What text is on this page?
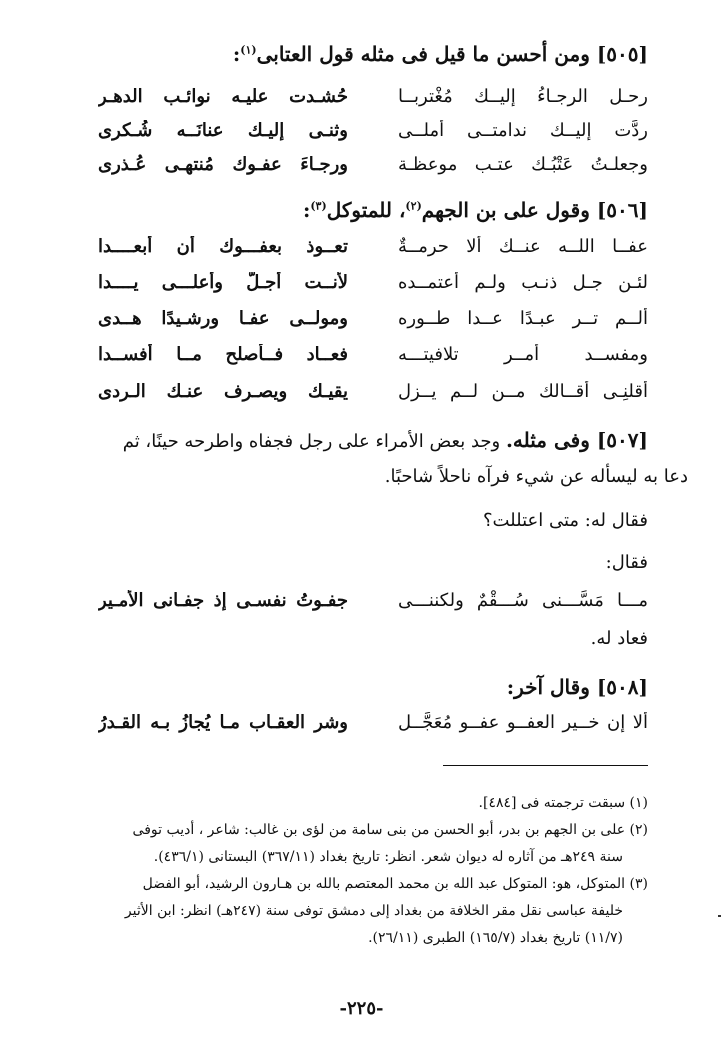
[٥٠٥] ومن أحسن ما قيل فى مثله قول العتابى$^{(١)}$:
رحـل الرجـاءُ إليــك مُغْتربــا
حُشـدت عليـه نوائـب الدهـر
ردَّت إليــك ندامتــى أملــى
وثنـى إليـك عنانَــه شُـكرى
وجعلـتُ عَتْبُـك عتـب موعظـة
ورجـاءَ عفـوك مُنتهـى عُـذرى
[٥٠٦] وقول على بن الجهم$^{(٢)}$، للمتوكل$^{(٣)}$:
عفــا اللــه عنــك ألا حرمــةٌ
تعــوذ بعفـــوك أن أُبعــــدا
لئـن جـل ذنـب ولـم أعتمــده
لأنــت أجـلّ وأعلـــى يــــدا
ألــم تــر عبـدًا عــدا طــوره
ومولــى عفـا ورشـيدًا هــدى
ومفســد أمــر تلافيتـــه
فعــاد فــأصلح مــا أفســدا
أقلنِـى أقــالك مــن لــم يــزل
يقيـك ويصـرف عنـك الـردى
[٥٠٧] وفى مثله. وجد بعض الأمراء على رجل فجفاه واطرحه حينًا، ثم
دعا به ليسأله عن شيء فرآه ناحلاً شاحبًا.
فقال له: متى اعتللت؟
فقال:
مـــا مَسَّـــنى سُـــقْمٌ ولكننـــى
جفـوتُ نفسـى إذ جفـانى الأمـير
فعاد له.
[٥٠٨] وقال آخر:
ألا إن خــير العفــو عفــو مُعَجَّــل
وشر العقـاب مـا يُجازُ بـه القـدرُ
(١) سبقت ترجمته فى [٤٨٤].
(٢) على بن الجهم بن بدر، أبو الحسن من بنى سامة من لؤى بن غالب: شاعر ، أديب توفى
سنة ٢٤٩هـ من آثاره له ديوان شعر. انظر: تاريخ بغداد (٣٦٧/١١) البستانى (٤٣٦/١).
(٣) المتوكل، هو: المتوكل عبد الله بن محمد المعتصم بالله بن هـارون الرشيد، أبو الفضل
خليفة عباسى نقل مقر الخلافة من بغداد إلى دمشق توفى سنة (٢٤٧هـ) انظر: ابن الأثير
(١١/٧) تاريخ بغداد (١٦٥/٧) الطبرى (٢٦/١١).
-٢٢٥-
